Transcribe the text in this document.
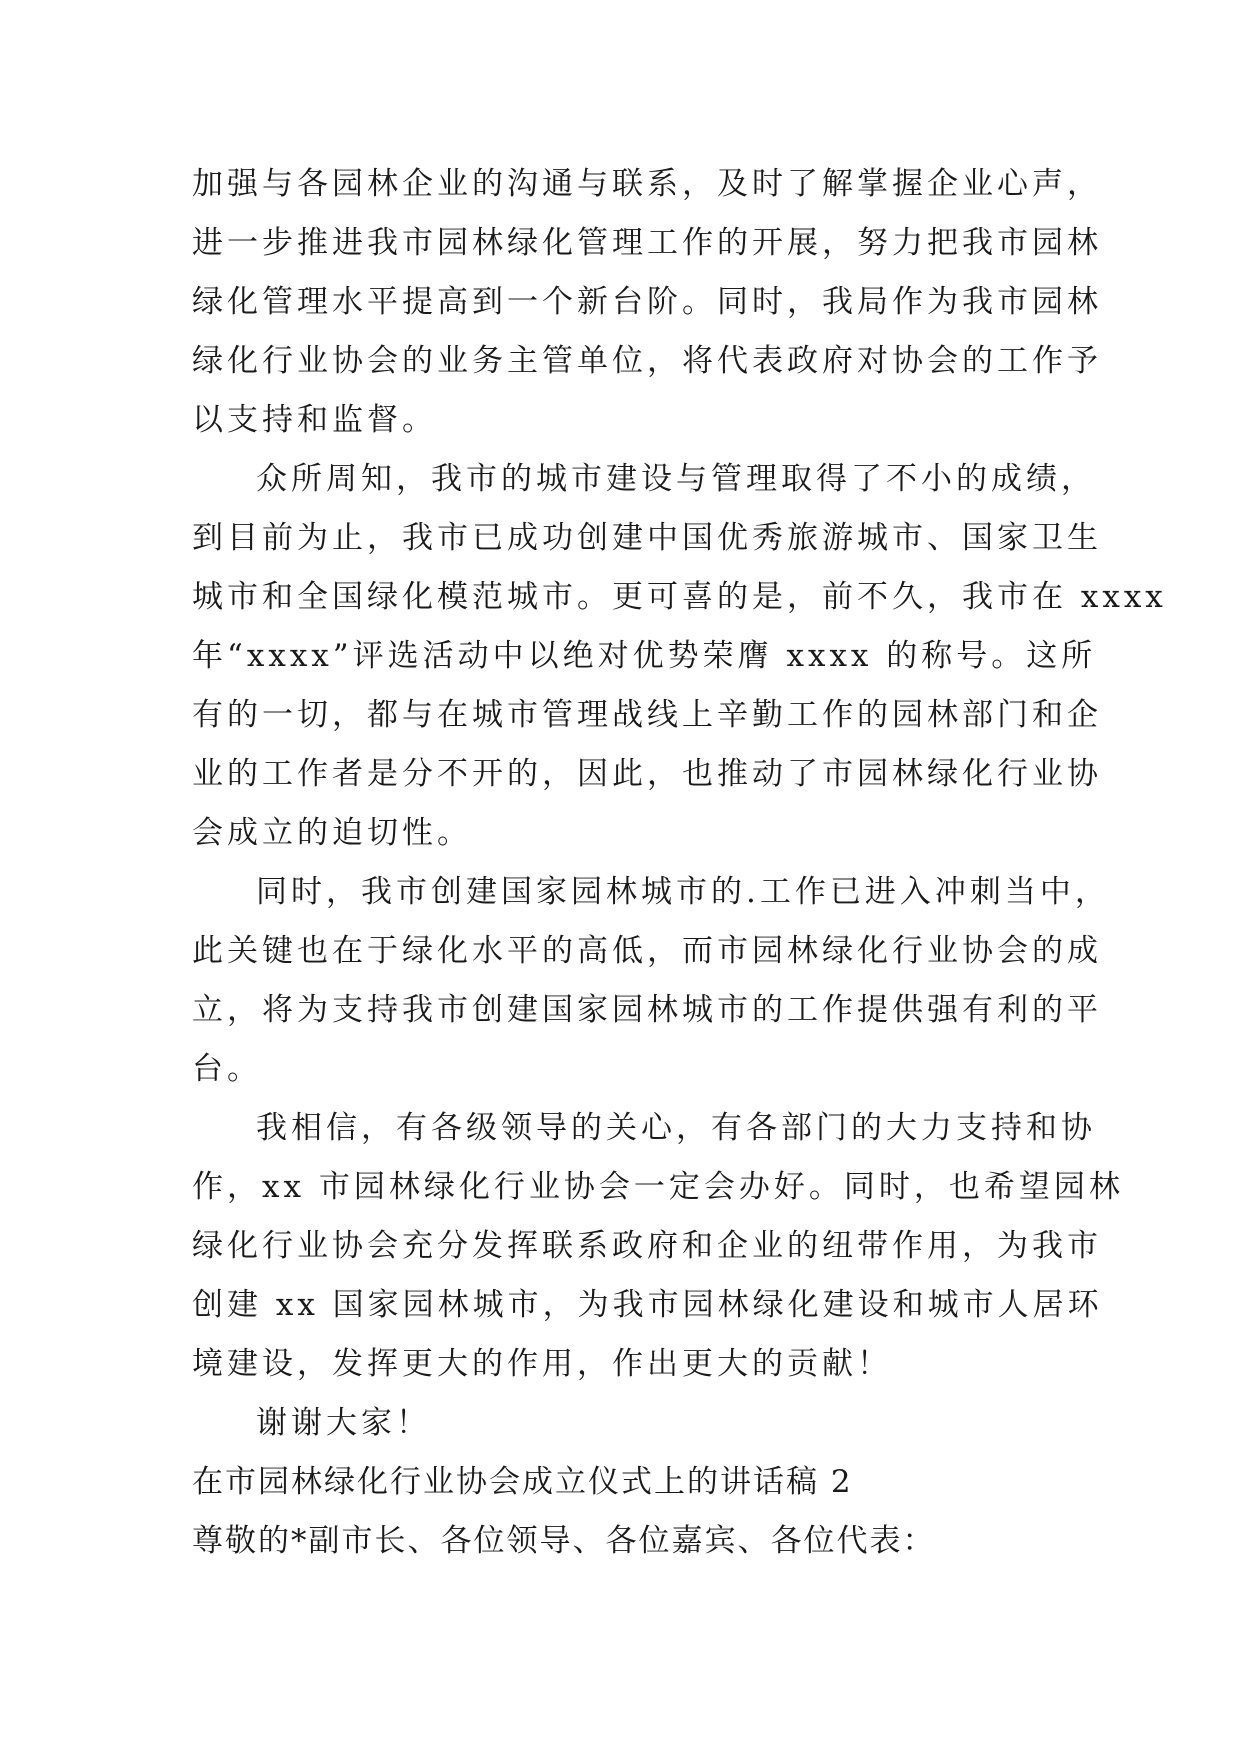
加强与各园林企业的沟通与联系，及时了解掌握企业心声，

进一步推进我市园林绿化管理工作的开展，努力把我市园林

绿化管理水平提高到一个新台阶。同时，我局作为我市园林

绿化行业协会的业务主管单位，将代表政府对协会的工作予

以支持和监督。

众所周知，我市的城市建设与管理取得了不小的成绩，

到目前为止，我市已成功创建中国优秀旅游城市、国家卫生

城市和全国绿化模范城市。更可喜的是，前不久，我市在 xxxx

年“xxxx”评选活动中以绝对优势荣膺 xxxx 的称号。这所

有的一切，都与在城市管理战线上辛勤工作的园林部门和企

业的工作者是分不开的，因此，也推动了市园林绿化行业协

会成立的迫切性。

同时，我市创建国家园林城市的.工作已进入冲刺当中，

此关键也在于绿化水平的高低，而市园林绿化行业协会的成

立，将为支持我市创建国家园林城市的工作提供强有利的平

台。

我相信，有各级领导的关心，有各部门的大力支持和协

作，xx 市园林绿化行业协会一定会办好。同时，也希望园林

绿化行业协会充分发挥联系政府和企业的纽带作用，为我市

创建 xx 国家园林城市，为我市园林绿化建设和城市人居环

境建设，发挥更大的作用，作出更大的贡献！

谢谢大家！

在市园林绿化行业协会成立仪式上的讲话稿 2

尊敬的*副市长、各位领导、各位嘉宾、各位代表：
